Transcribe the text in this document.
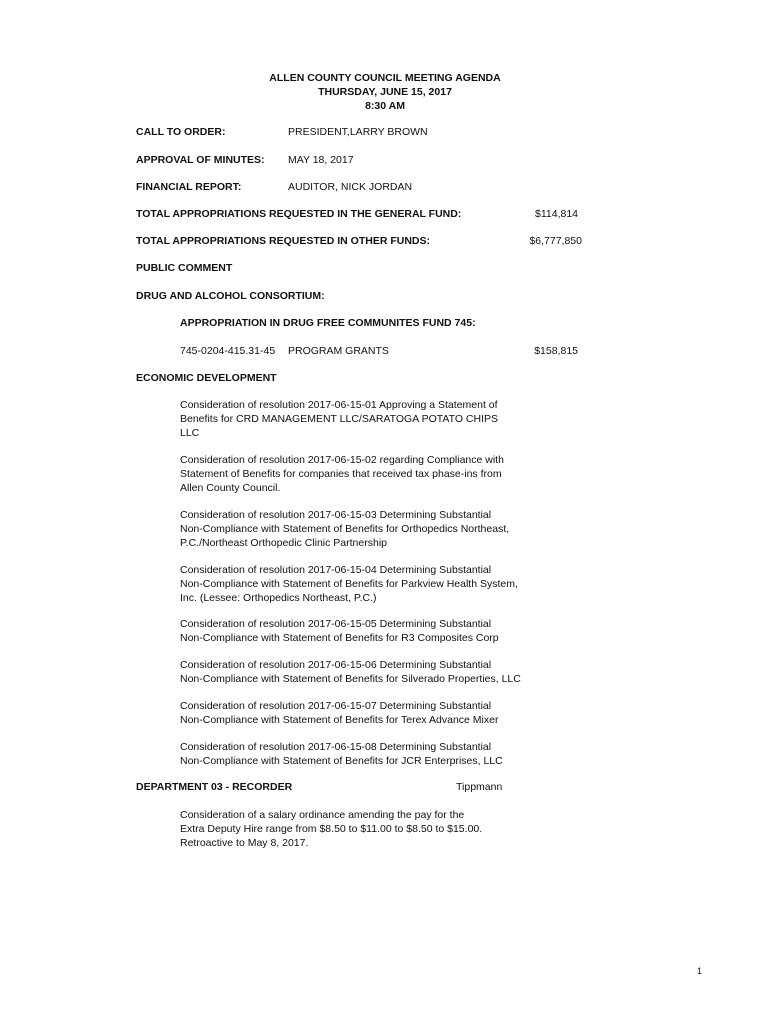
ALLEN COUNTY COUNCIL MEETING AGENDA
THURSDAY, JUNE 15, 2017
8:30 AM
CALL TO ORDER:	PRESIDENT,LARRY BROWN
APPROVAL OF MINUTES: MAY 18, 2017
FINANCIAL REPORT:	AUDITOR, NICK JORDAN
TOTAL APPROPRIATIONS REQUESTED IN THE GENERAL FUND:	$114,814
TOTAL APPROPRIATIONS REQUESTED IN OTHER FUNDS:	$6,777,850
PUBLIC COMMENT
DRUG AND ALCOHOL CONSORTIUM:
APPROPRIATION IN DRUG FREE COMMUNITES FUND 745:
745-0204-415.31-45 PROGRAM GRANTS	$158,815
ECONOMIC DEVELOPMENT
Consideration of resolution 2017-06-15-01 Approving a Statement of
Benefits for CRD MANAGEMENT LLC/SARATOGA POTATO CHIPS
LLC
Consideration of resolution 2017-06-15-02 regarding Compliance with
Statement of Benefits for companies that received tax phase-ins from
Allen County Council.
Consideration of resolution 2017-06-15-03 Determining Substantial
Non-Compliance with Statement of Benefits for Orthopedics Northeast,
P.C./Northeast Orthopedic Clinic Partnership
Consideration of resolution 2017-06-15-04 Determining Substantial
Non-Compliance with Statement of Benefits for Parkview Health System,
Inc. (Lessee: Orthopedics Northeast, P.C.)
Consideration of resolution 2017-06-15-05 Determining Substantial
Non-Compliance with Statement of Benefits for R3 Composites Corp
Consideration of resolution 2017-06-15-06 Determining Substantial
Non-Compliance with Statement of Benefits for Silverado Properties, LLC
Consideration of resolution 2017-06-15-07 Determining Substantial
Non-Compliance with Statement of Benefits for Terex Advance Mixer
Consideration of resolution 2017-06-15-08 Determining Substantial
Non-Compliance with Statement of Benefits for JCR Enterprises, LLC
DEPARTMENT 03 - RECORDER	Tippmann
Consideration of a salary ordinance amending the pay for the
Extra Deputy Hire range from $8.50 to $11.00 to $8.50 to $15.00.
Retroactive to May 8, 2017.
1
